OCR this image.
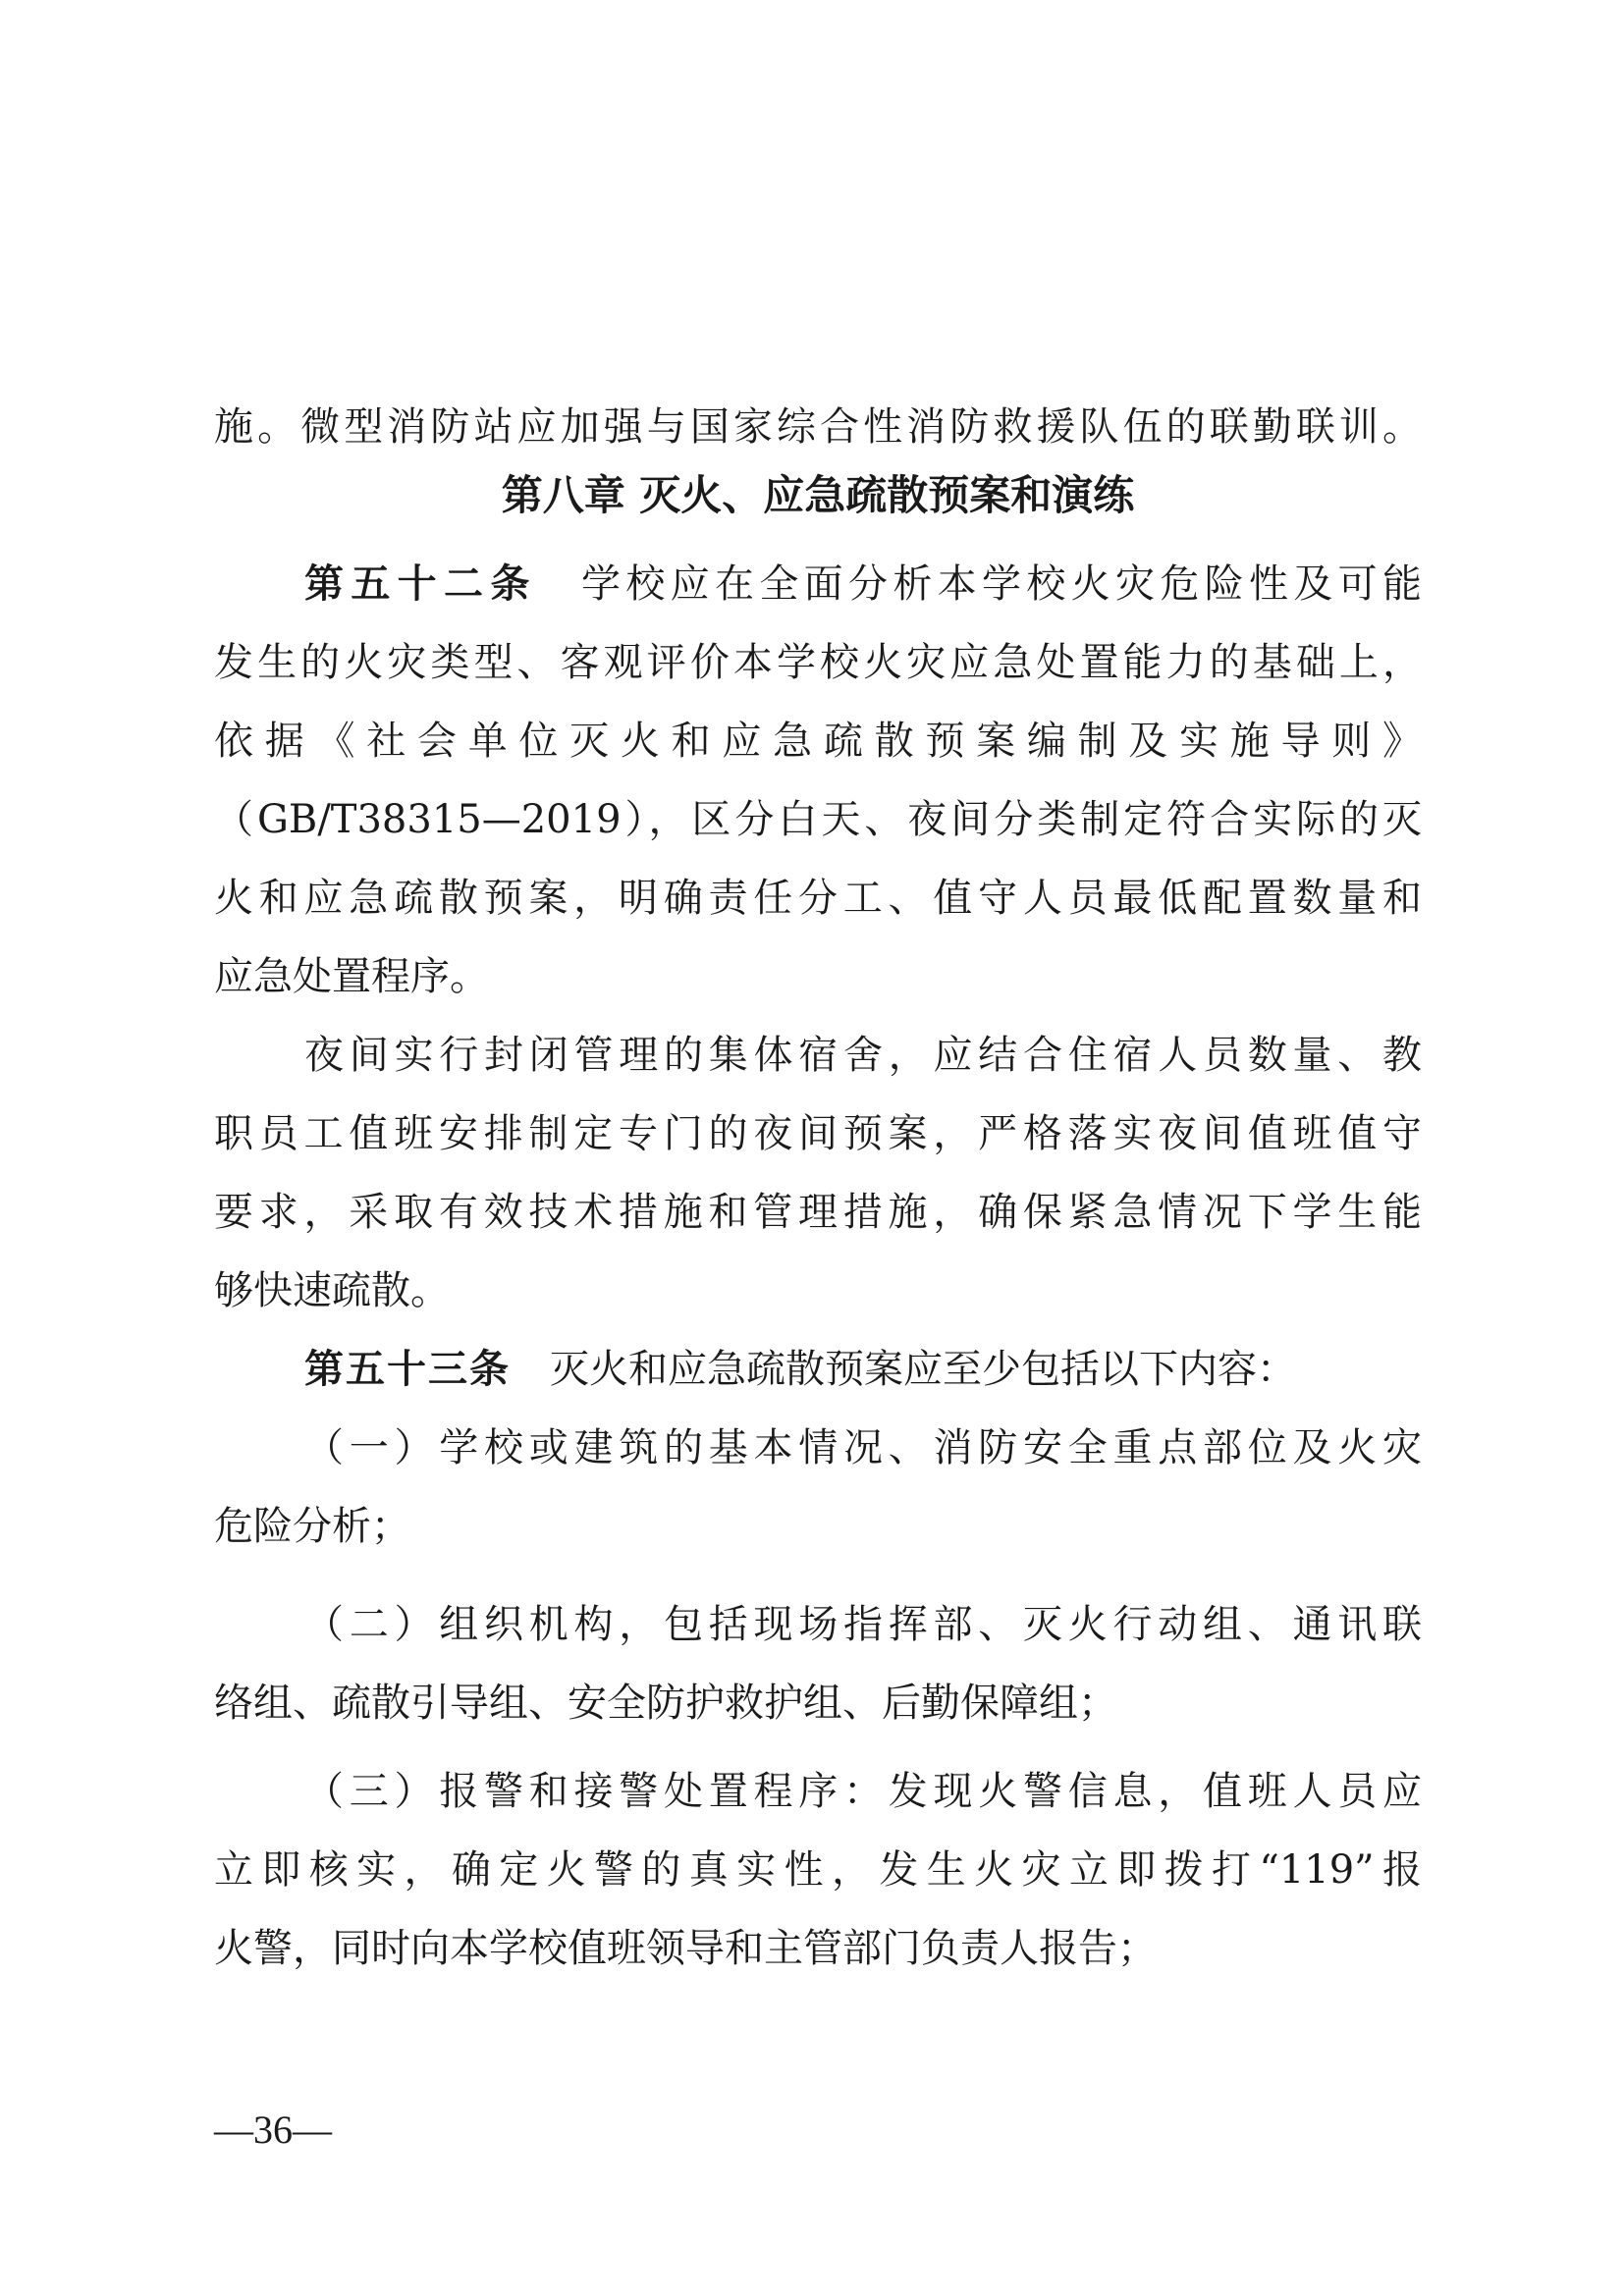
施。微型消防站应加强与国家综合性消防救援队伍的联勤联训。
第八章 灭火、应急疏散预案和演练
第五十二条  学校应在全面分析本学校火灾危险性及可能
发生的火灾类型、客观评价本学校火灾应急处置能力的基础上，
依据《社会单位灭火和应急疏散预案编制及实施导则》
（GB/T38315—2019），区分白天、夜间分类制定符合实际的灭
火和应急疏散预案，明确责任分工、值守人员最低配置数量和
应急处置程序。
夜间实行封闭管理的集体宿舍，应结合住宿人员数量、教
职员工值班安排制定专门的夜间预案，严格落实夜间值班值守
要求，采取有效技术措施和管理措施，确保紧急情况下学生能
够快速疏散。
第五十三条  灭火和应急疏散预案应至少包括以下内容：
（一）学校或建筑的基本情况、消防安全重点部位及火灾
危险分析；
（二）组织机构，包括现场指挥部、灭火行动组、通讯联
络组、疏散引导组、安全防护救护组、后勤保障组；
（三）报警和接警处置程序：发现火警信息，值班人员应
立即核实，确定火警的真实性，发生火灾立即拨打“119”报
火警，同时向本学校值班领导和主管部门负责人报告；
—36—
